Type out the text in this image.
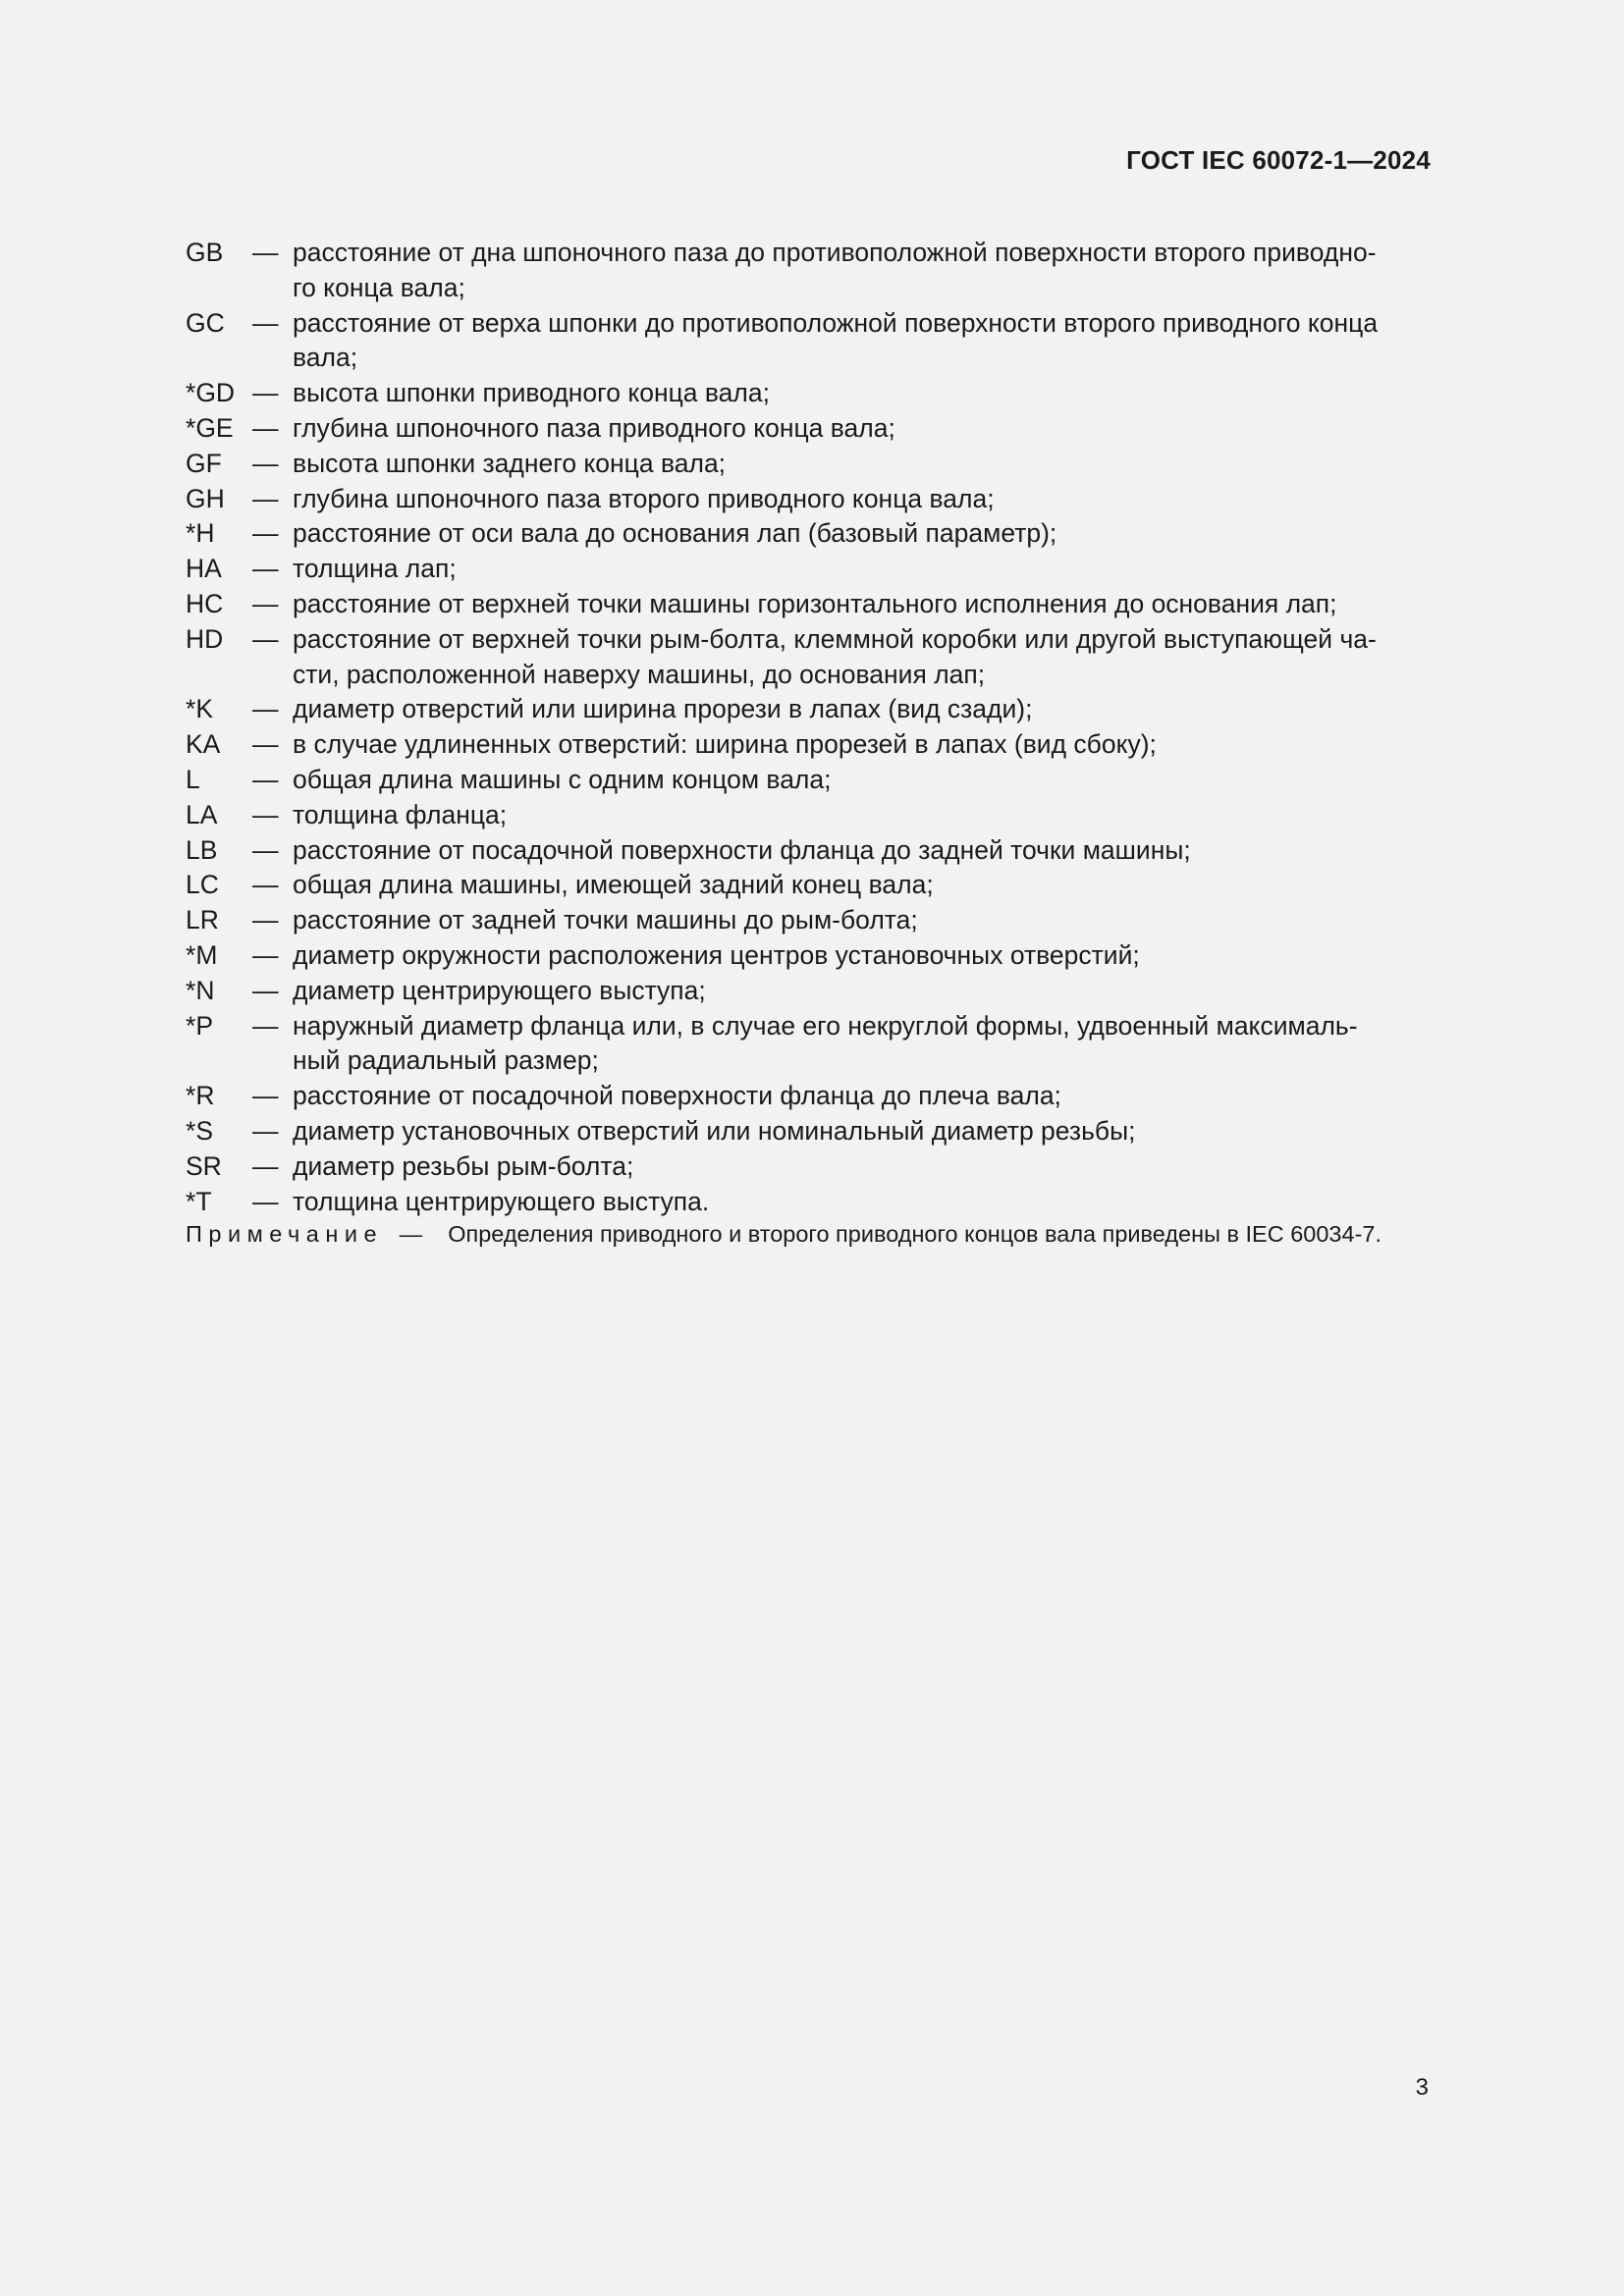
ГОСТ IEC 60072-1—2024
GB	— расстояние от дна шпоночного паза до противоположной поверхности второго приводно-
го конца вала;
GC	— расстояние от верха шпонки до противоположной поверхности второго приводного конца
вала;
*GD — высота шпонки приводного конца вала;
*GE — глубина шпоночного паза приводного конца вала;
GF	— высота шпонки заднего конца вала;
GH	— глубина шпоночного паза второго приводного конца вала;
*H	— расстояние от оси вала до основания лап (базовый параметр);
HA	— толщина лап;
HC	— расстояние от верхней точки машины горизонтального исполнения до основания лап;
HD	— расстояние от верхней точки рым-болта, клеммной коробки или другой выступающей ча-
сти, расположенной наверху машины, до основания лап;
*K	— диаметр отверстий или ширина прорези в лапах (вид сзади);
KA	— в случае удлиненных отверстий: ширина прорезей в лапах (вид сбоку);
L	— общая длина машины с одним концом вала;
LA	— толщина фланца;
LB	— расстояние от посадочной поверхности фланца до задней точки машины;
LC	— общая длина машины, имеющей задний конец вала;
LR	— расстояние от задней точки машины до рым-болта;
*M	— диаметр окружности расположения центров установочных отверстий;
*N	— диаметр центрирующего выступа;
*P	— наружный диаметр фланца или, в случае его некруглой формы, удвоенный максималь-
ный радиальный размер;
*R	— расстояние от посадочной поверхности фланца до плеча вала;
*S	— диаметр установочных отверстий или номинальный диаметр резьбы;
SR	— диаметр резьбы рым-болта;
*T	— толщина центрирующего выступа.
Примечание — Определения приводного и второго приводного концов вала приведены в IEC 60034-7.
3
